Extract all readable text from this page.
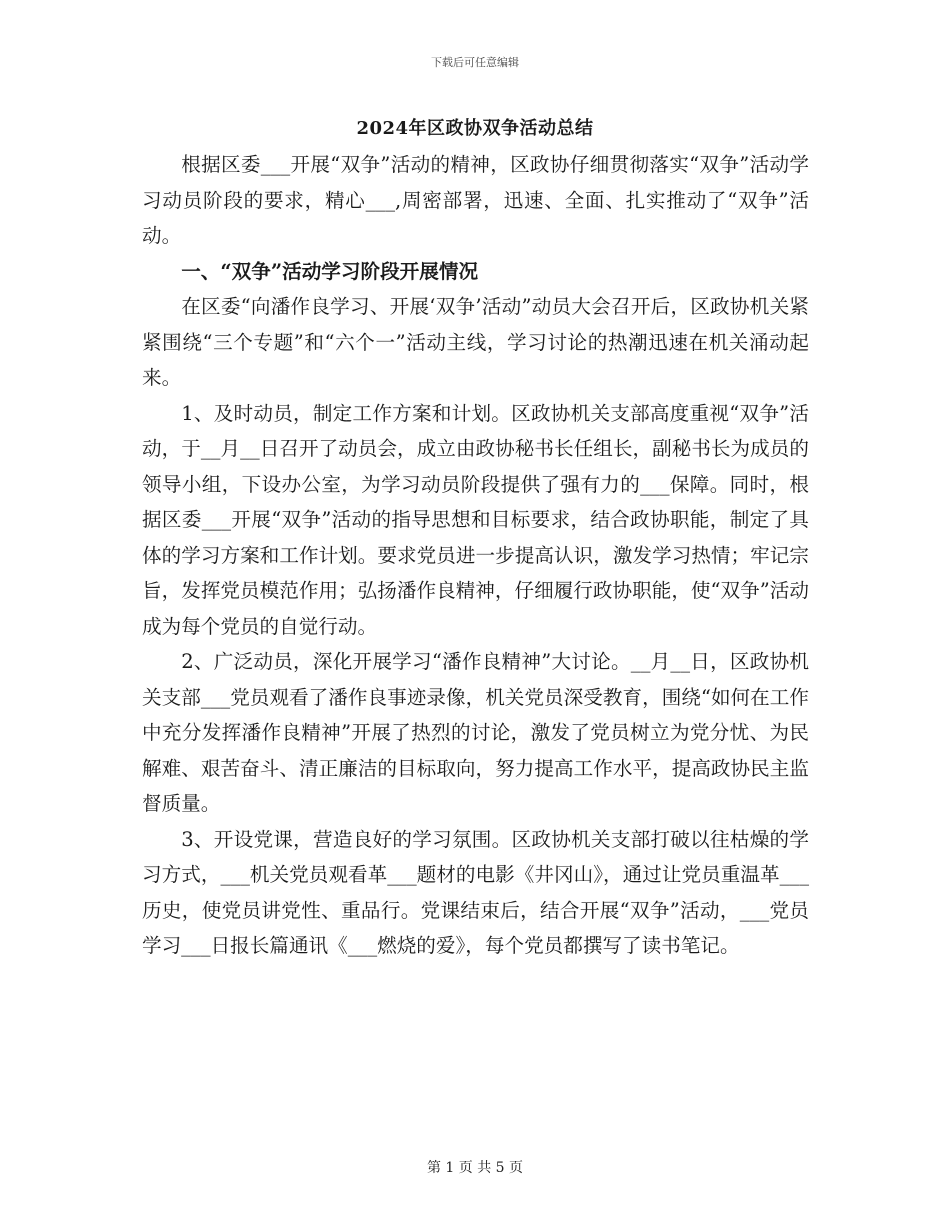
下载后可任意编辑
2024年区政协双争活动总结

根据区委___开展“双争”活动的精神，区政协仔细贯彻落实“双争”活动学习动员阶段的要求，精心___,周密部署，迅速、全面、扎实推动了“双争”活动。

一、“双争”活动学习阶段开展情况

在区委“向潘作良学习、开展‘双争’活动”动员大会召开后，区政协机关紧紧围绕“三个专题”和“六个一”活动主线，学习讨论的热潮迅速在机关涌动起来。

1、及时动员，制定工作方案和计划。区政协机关支部高度重视“双争”活动，于__月__日召开了动员会，成立由政协秘书长任组长，副秘书长为成员的领导小组，下设办公室，为学习动员阶段提供了强有力的___保障。同时，根据区委___开展“双争”活动的指导思想和目标要求，结合政协职能，制定了具体的学习方案和工作计划。要求党员进一步提高认识，激发学习热情；牢记宗旨，发挥党员模范作用；弘扬潘作良精神，仔细履行政协职能，使“双争”活动成为每个党员的自觉行动。

2、广泛动员，深化开展学习“潘作良精神”大讨论。__月__日，区政协机关支部___党员观看了潘作良事迹录像，机关党员深受教育，围绕“如何在工作中充分发挥潘作良精神”开展了热烈的讨论，激发了党员树立为党分忧、为民解难、艰苦奋斗、清正廉洁的目标取向，努力提高工作水平，提高政协民主监督质量。

3、开设党课，营造良好的学习氛围。区政协机关支部打破以往枯燥的学习方式，___机关党员观看革___题材的电影《井冈山》，通过让党员重温革___历史，使党员讲党性、重品行。党课结束后，结合开展“双争”活动，___党员学习___日报长篇通讯《___燃烧的爱》，每个党员都撰写了读书笔记。

第 1 页 共 5 页
